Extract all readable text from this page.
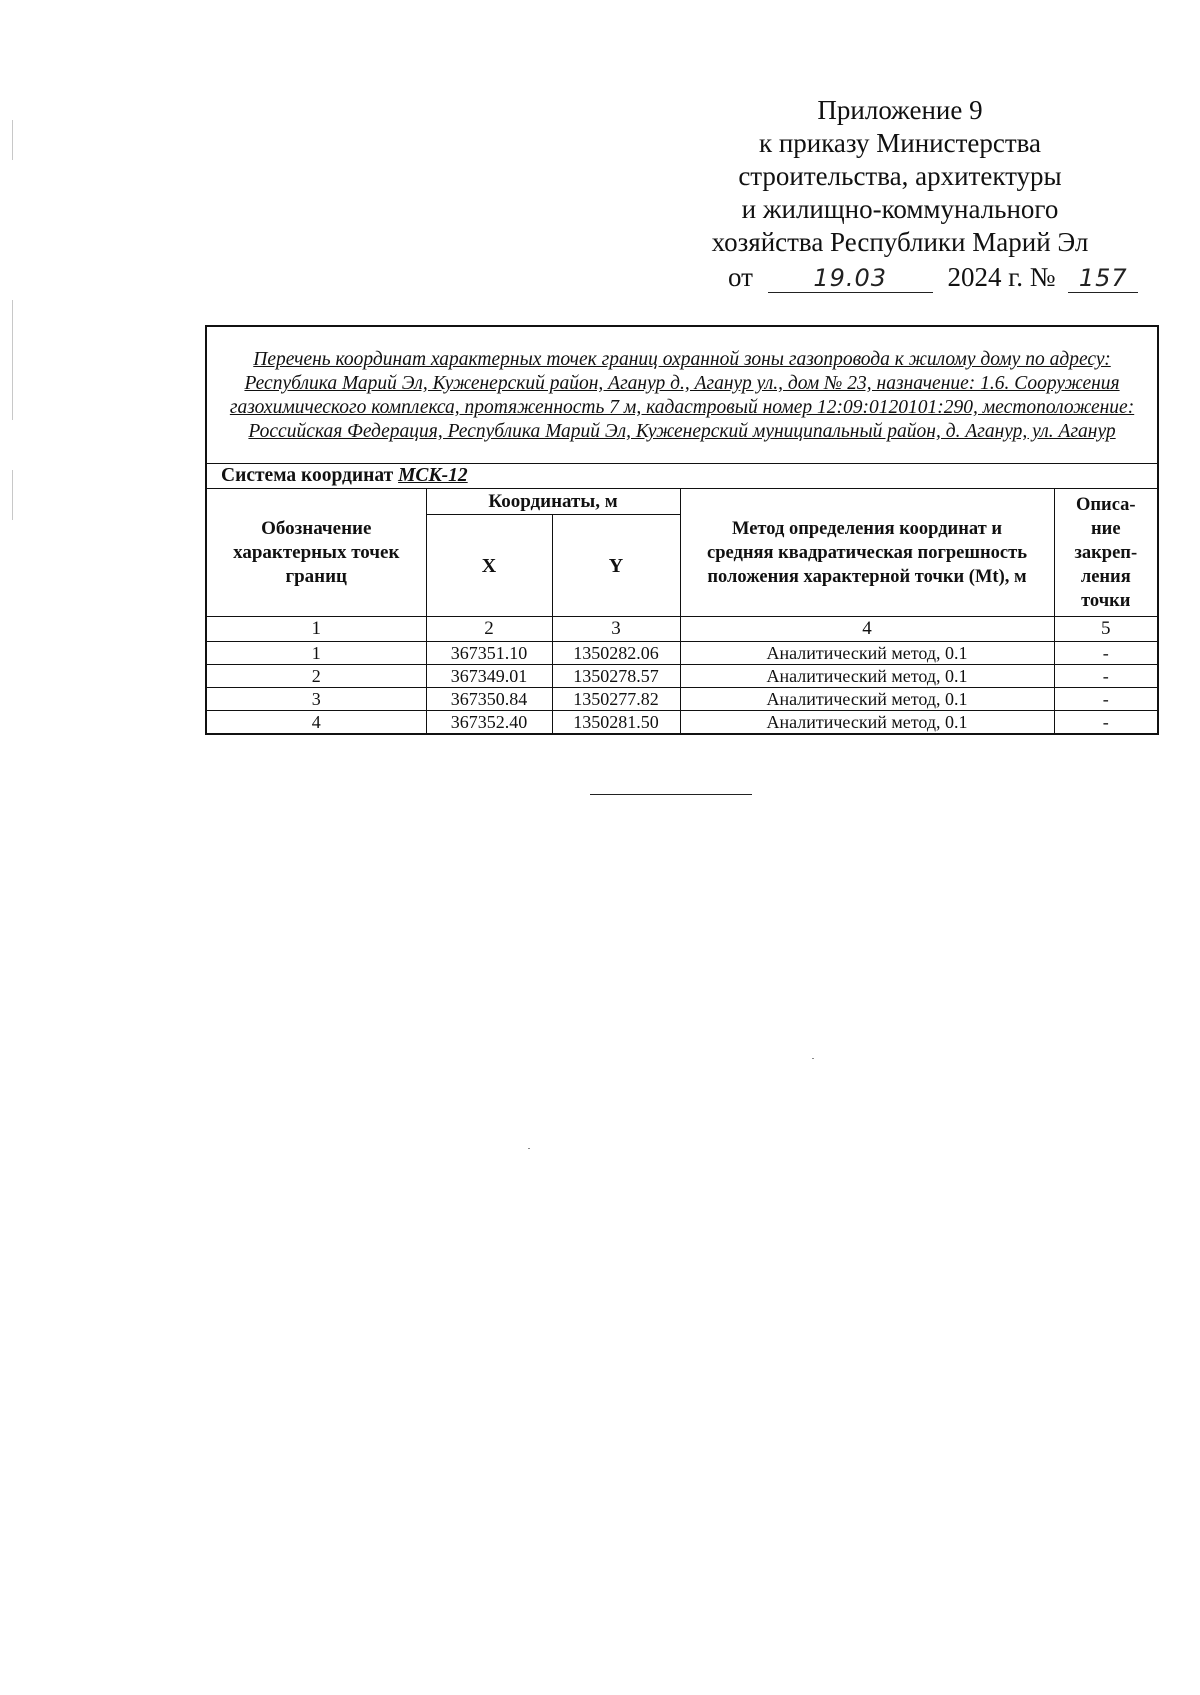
Приложение 9
к приказу Министерства
строительства, архитектуры
и жилищно-коммунального
хозяйства Республики Марий Эл
от	19.03 2024 г. № 157
Перечень координат характерных точек границ охранной зоны газопровода к жилому дому по адресу: Республика Марий Эл, Куженерский район, Аганур д., Аганур ул., дом № 23, назначение: 1.6. Сооружения газохимического комплекса, протяженность 7 м, кадастровый номер 12:09:0120101:290, местоположение: Российская Федерация, Республика Марий Эл, Куженерский муниципальный район, д. Аганур, ул. Аганур				
Система координат МСК-12				
Обозначение характерных точек границ	Координаты, м		Метод определения координат и средняя квадратическая погрешность положения характерной точки (Mt), м	Описа-ние закреп-ления точки
	X	Y		
1	2	3	4	5
1	367351.10	1350282.06	Аналитический метод, 0.1	-
2	367349.01	1350278.57	Аналитический метод, 0.1	-
3	367350.84	1350277.82	Аналитический метод, 0.1	-
4	367352.40	1350281.50	Аналитический метод, 0.1	-
